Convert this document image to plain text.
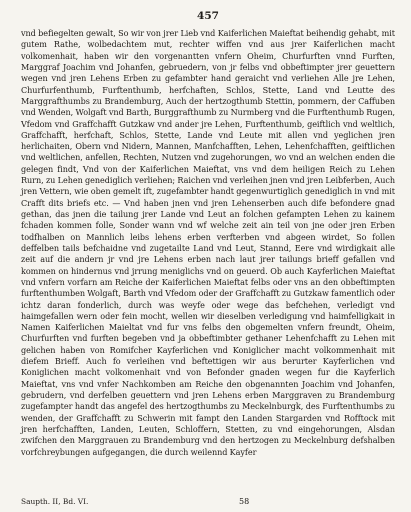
457

vnd befiegelten gewalt, So wir von jrer Lieb vnd Kaiferlichen Maieftat beihendig gehabt, mit gutem Rathe, wolbedachtem mut, rechter wiffen vnd aus jrer Kaiferlichen macht volkomenhait, haben wir den vorgenantten vnfern Oheim, Churfurften vnnd Furften, Marggraf Joachim vnd Johanfen, gebruedern, von jr felbs vnd obbeftimpter jrer geuettern wegen vnd jren Lehens Erben zu gefambter hand geraicht vnd verliehen Alle jre Lehen, Churfurfenthumb, Furftenthumb, herfchaften, Schlos, Stette, Land vnd Leutte des Marggrafthumbs zu Brandemburg, Auch der hertzogthumb Stettin, pommern, der Caffuben vnd Wenden, Wolgaft vnd Barth, Burggrafthumb zu Nurmberg vnd die Furftenthumb Rugen, Vfedom vnd Graffchafft Gutzkaw vnd ander jre Lehen, Furftenthumb, geiftlich vnd weltlich, Graffchafft, herfchaft, Schlos, Stette, Lande vnd Leute mit allen vnd yeglichen jren herlichaiten, Obern vnd Nidern, Mannen, Manfchafften, Lehen, Lehenfchafften, geiftlichen vnd weltlichen, anfellen, Rechten, Nutzen vnd zugehorungen, wo vnd an welchen enden die gelegen findt, Vnd von der Kaiferlichen Maieftat, vns vnd dem heiligen Reich zu Lehen Rurn, zu Lehen genediglich verliehen; Raichen vnd verleihen jnen vnd jren Leibferben, Auch jren Vettern, wie oben gemelt ift, zugefambter handt gegenwurtiglich genediglich in vnd mit Crafft dits briefs etc. — Vnd haben jnen vnd jren Lehenserben auch dife befondere gnad gethan, das jnen die tailung jrer Lande vnd Leut an folchen gefampten Lehen zu kainem fchaden kommen folle, Sonder wann vnd wf welche zeit ain teil von jne oder jren Erben todfhalben on Mannlich leibs lehens erben verfterben vnd abgeen wirdet, So follen deffelben tails befchaidne vnd zugetailte Land vnd Leut, Stannd, Eere vnd wirdigkait alle zeit auf die andern jr vnd jre Lehens erben nach laut jrer tailungs brieff gefallen vnd kommen on hindernus vnd jrrung meniglichs vnd on geuerd. Ob auch Kayferlichen Maieftat vnd vnfern vorfarn am Reiche der Kaiferlichen Maieftat felbs oder vns an den obbeftimpten furftenthumben Wolgaft, Barth vnd Vfedom oder der Graffchafft zu Gutzkaw famentlich oder ichtz daran fonderlich, durch was weyfe oder wege das befchehen, verledigt vnd haimgefallen wern oder fein mocht, wellen wir dieselben verledigung vnd haimfelligkait in Namen Kaiferlichen Maieltat vnd fur vns felbs den obgemelten vnfern freundt, Oheim, Churfurften vnd furften begeben vnd ja obbeftimbter gethaner Lehenfchafft zu Lehen mit gelichen haben von Romifcher Kayferlichen vnd Koniglicher macht volkommenhait mit diefem Brieff. Auch fo verleihen vnd beftettigen wir aus berurter Kayferlichen vnd Koniglichen macht volkomenhait vnd von Befonder gnaden wegen fur die Kayferlich Maieftat, vns vnd vnfer Nachkomben am Reiche den obgenannten Joachim vnd Johanfen, gebrudern, vnd derfelben geuettern vnd jren Lehens erben Marggraven zu Brandemburg zugefampter handt das angefel des hertzogthumbs zu Meckelnburgk, des Furftenthumbs zu wenden, der Graffchafft zu Schwerin mit fampt den Landen Stargarden vnd Rofftock mit jren herfchafften, Landen, Leuten, Schloffern, Stetten, zu vnd eingehorungen, Alsdan zwifchen den Marggrauen zu Brandemburg vnd den hertzogen zu Meckelnburg defshalben vorfchreybungen aufgegangen, die durch weilennd Kayfer

Saupth. II, Bd. VI.	58
